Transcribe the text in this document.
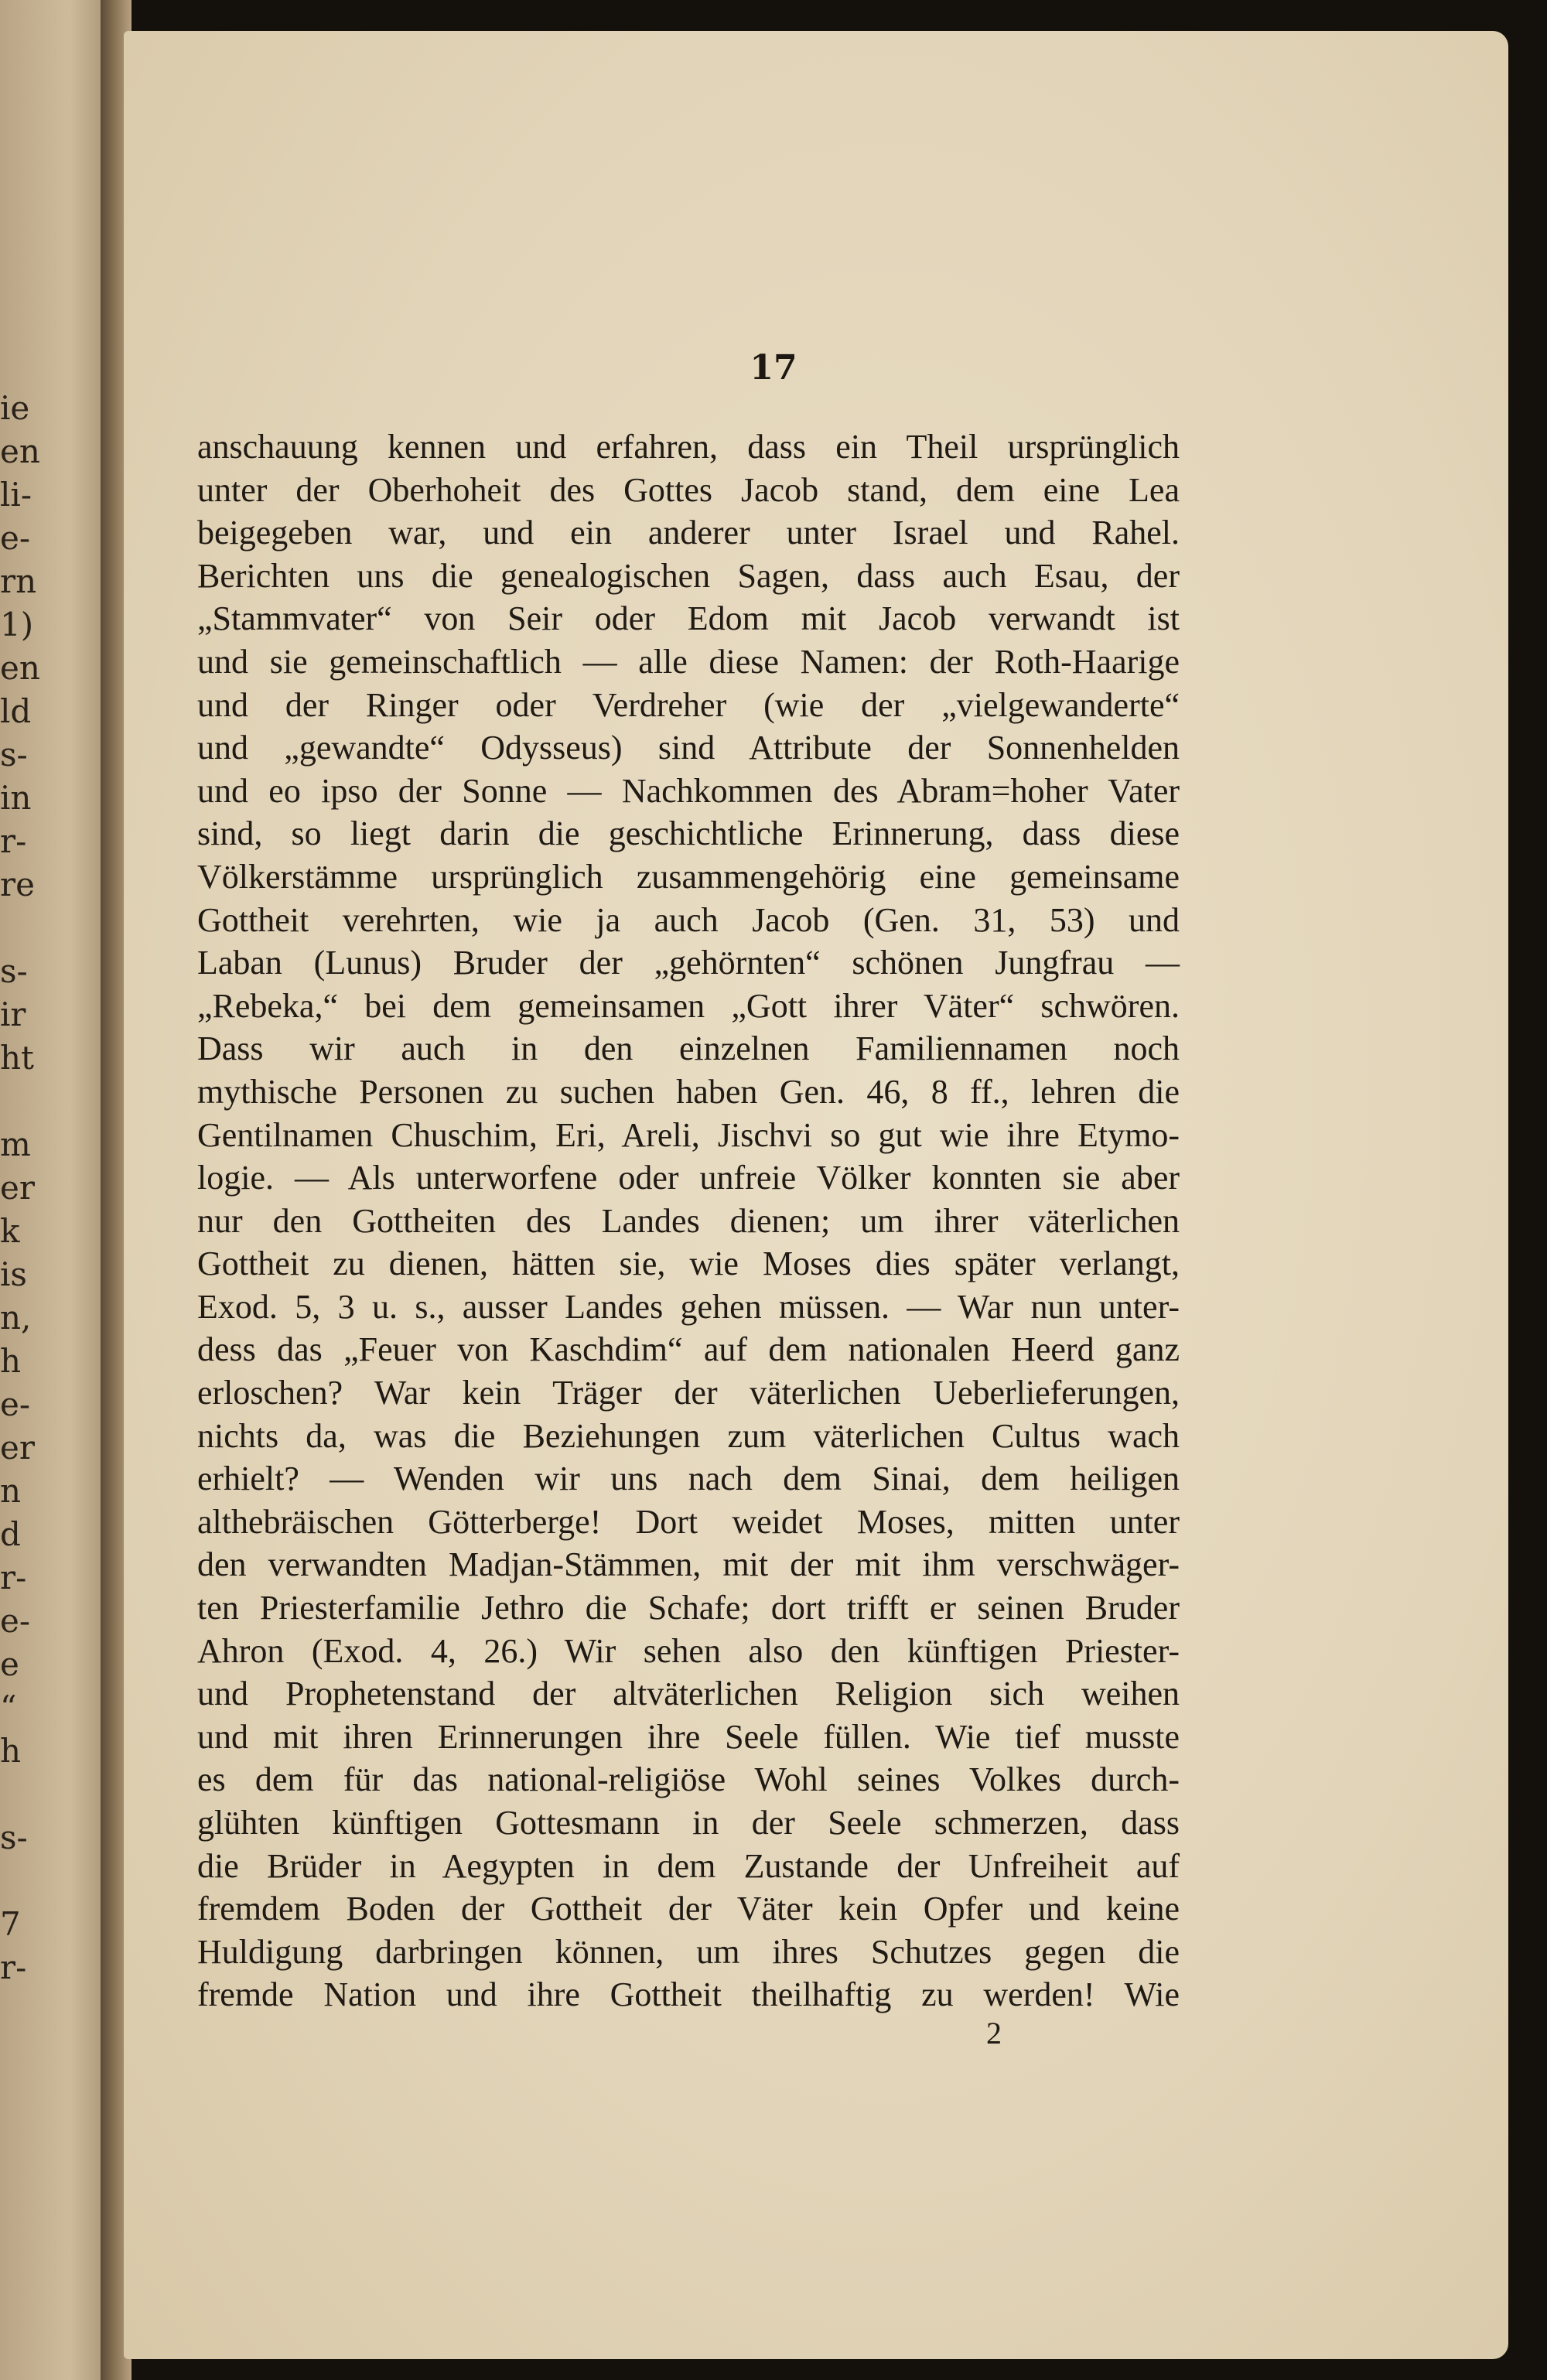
ie
en
li-
e-
rn
1)
en
ld
s-
in
r-
re
s-
ir
ht
m
er
k
is
n,
h
e-
er
n
d
r-
e-
e
“
h
s-
7
r-
17
anschauung kennen und erfahren, dass ein Theil ursprünglich
unter der Oberhoheit des Gottes Jacob stand, dem eine Lea
beigegeben war, und ein anderer unter Israel und Rahel.
Berichten uns die genealogischen Sagen, dass auch Esau, der
„Stammvater“ von Seir oder Edom mit Jacob verwandt ist
und sie gemeinschaftlich — alle diese Namen: der Roth-Haarige
und der Ringer oder Verdreher (wie der „vielgewanderte“
und „gewandte“ Odysseus) sind Attribute der Sonnenhelden
und eo ipso der Sonne — Nachkommen des Abram=hoher Vater
sind, so liegt darin die geschichtliche Erinnerung, dass diese
Völkerstämme ursprünglich zusammengehörig eine gemeinsame
Gottheit verehrten, wie ja auch Jacob (Gen. 31, 53) und
Laban (Lunus) Bruder der „gehörnten“ schönen Jungfrau —
„Rebeka,“ bei dem gemeinsamen „Gott ihrer Väter“ schwören.
Dass wir auch in den einzelnen Familiennamen noch
mythische Personen zu suchen haben Gen. 46, 8 ff., lehren die
Gentilnamen Chuschim, Eri, Areli, Jischvi so gut wie ihre Etymo-
logie. — Als unterworfene oder unfreie Völker konnten sie aber
nur den Gottheiten des Landes dienen; um ihrer väterlichen
Gottheit zu dienen, hätten sie, wie Moses dies später verlangt,
Exod. 5, 3 u. s., ausser Landes gehen müssen. — War nun unter-
dess das „Feuer von Kaschdim“ auf dem nationalen Heerd ganz
erloschen? War kein Träger der väterlichen Ueberlieferungen,
nichts da, was die Beziehungen zum väterlichen Cultus wach
erhielt? — Wenden wir uns nach dem Sinai, dem heiligen
althebräischen Götterberge! Dort weidet Moses, mitten unter
den verwandten Madjan-Stämmen, mit der mit ihm verschwäger-
ten Priesterfamilie Jethro die Schafe; dort trifft er seinen Bruder
Ahron (Exod. 4, 26.) Wir sehen also den künftigen Priester-
und Prophetenstand der altväterlichen Religion sich weihen
und mit ihren Erinnerungen ihre Seele füllen. Wie tief musste
es dem für das national-religiöse Wohl seines Volkes durch-
glühten künftigen Gottesmann in der Seele schmerzen, dass
die Brüder in Aegypten in dem Zustande der Unfreiheit auf
fremdem Boden der Gottheit der Väter kein Opfer und keine
Huldigung darbringen können, um ihres Schutzes gegen die
fremde Nation und ihre Gottheit theilhaftig zu werden! Wie
2
